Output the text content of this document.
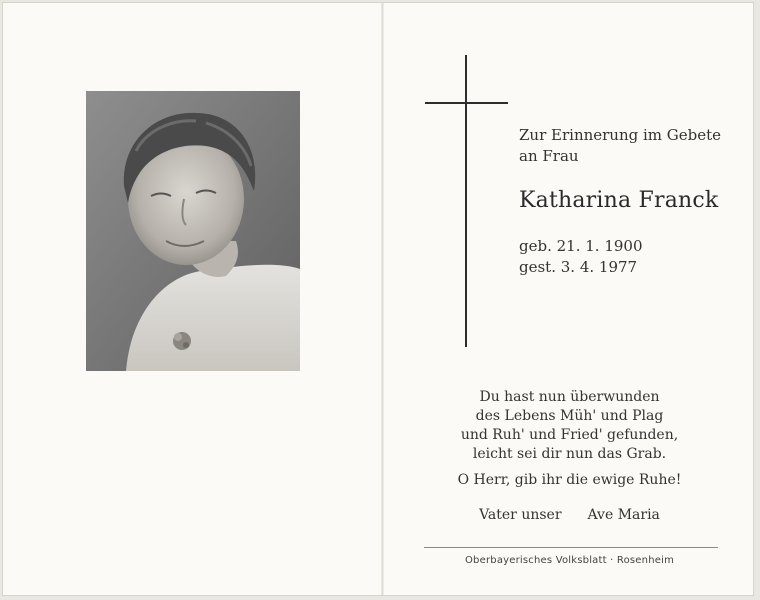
Zur Erinnerung im Gebete
an Frau
Katharina Franck
geb. 21. 1. 1900
gest. 3. 4. 1977
Du hast nun überwunden
des Lebens Müh' und Plag
und Ruh' und Fried' gefunden,
leicht sei dir nun das Grab.
O Herr, gib ihr die ewige Ruhe!
Vater unser Ave Maria
Oberbayerisches Volksblatt · Rosenheim
